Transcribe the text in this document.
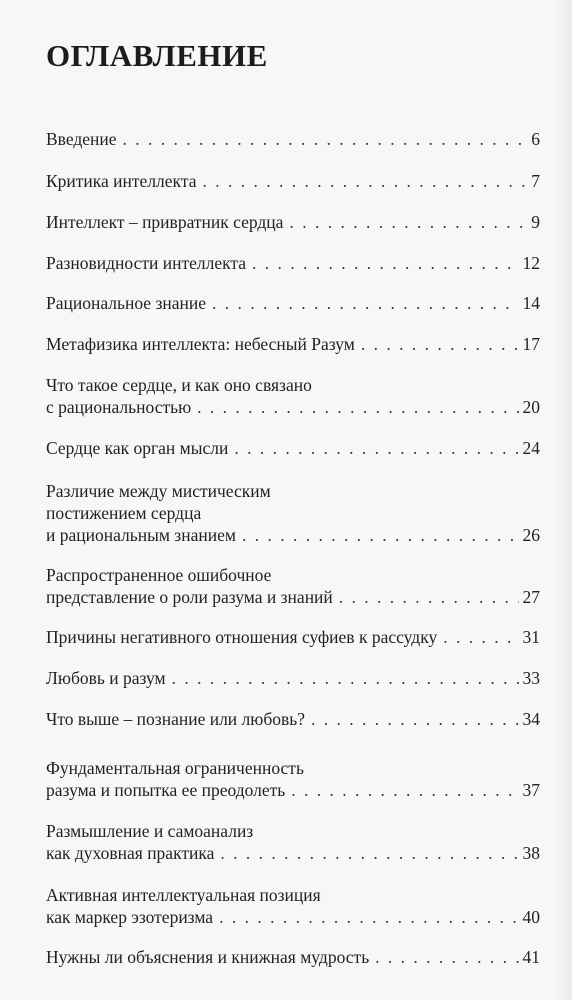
ОГЛАВЛЕНИЕ
Введение . . .	6
Критика интеллекта . . .	7
Интеллект – привратник сердца . . .	9
Разновидности интеллекта . . .	12
Рациональное знание . . .	14
Метафизика интеллекта: небесный Разум . . .	17
Что такое сердце, и как оно связано
с рациональностью . . .	20
Сердце как орган мысли . . .	24
Различие между мистическим
постижением сердца
и рациональным знанием . . .	26
Распространенное ошибочное
представление о роли разума и знаний . . .	27
Причины негативного отношения суфиев к рассудку . . .	31
Любовь и разум . . .	33
Что выше – познание или любовь? . . .	34
Фундаментальная ограниченность
разума и попытка ее преодолеть . . .	37
Размышление и самоанализ
как духовная практика . . .	38
Активная интеллектуальная позиция
как маркер эзотеризма . . .	40
Нужны ли объяснения и книжная мудрость . . .	41
